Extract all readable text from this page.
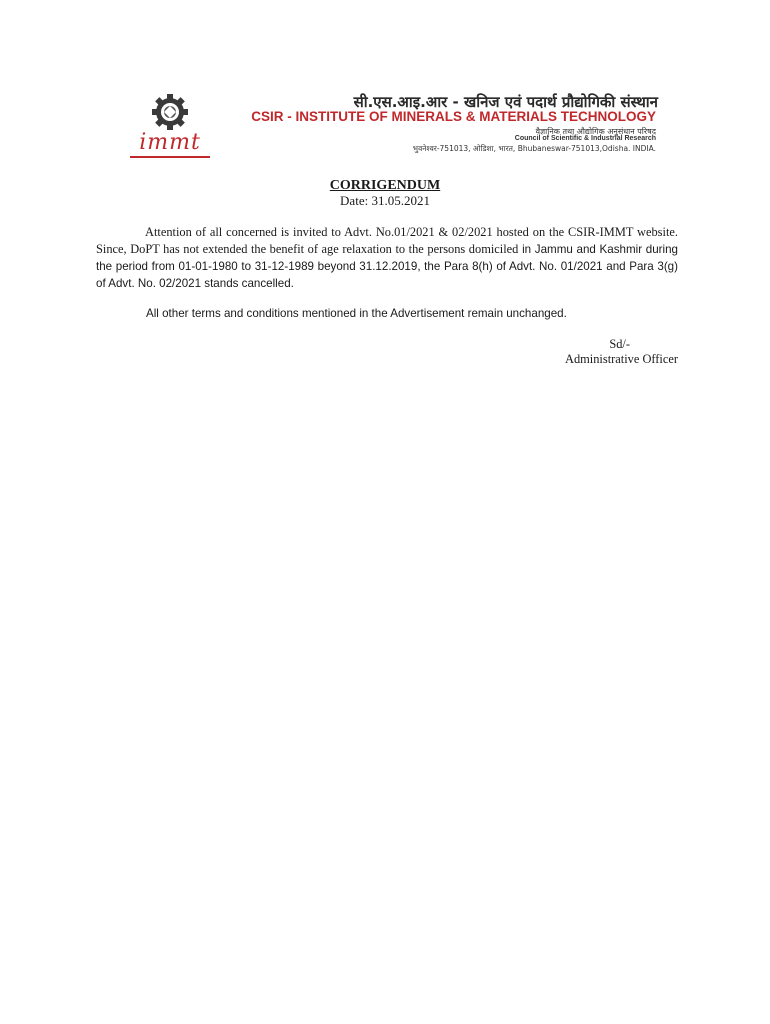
immt
सी.एस.आइ.आर - खनिज एवं पदार्थ प्रौद्योगिकी संस्थान
CSIR - INSTITUTE OF MINERALS & MATERIALS TECHNOLOGY
वैज्ञानिक तथा औद्योगिक अनुसंधान परिषद
Council of Scientific & Industrial Research
भुवनेश्वर-751013, ओडिशा, भारत, Bhubaneswar-751013,Odisha. INDIA.
CORRIGENDUM
Date: 31.05.2021
Attention of all concerned is invited to Advt. No.01/2021 & 02/2021 hosted on the CSIR-IMMT website. Since, DoPT has not extended the benefit of age relaxation to the persons domiciled in Jammu and Kashmir during the period from 01-01-1980 to 31-12-1989 beyond 31.12.2019, the Para 8(h) of Advt. No. 01/2021 and Para 3(g) of Advt. No. 02/2021 stands cancelled.
All other terms and conditions mentioned in the Advertisement remain unchanged.
Sd/-
Administrative Officer
